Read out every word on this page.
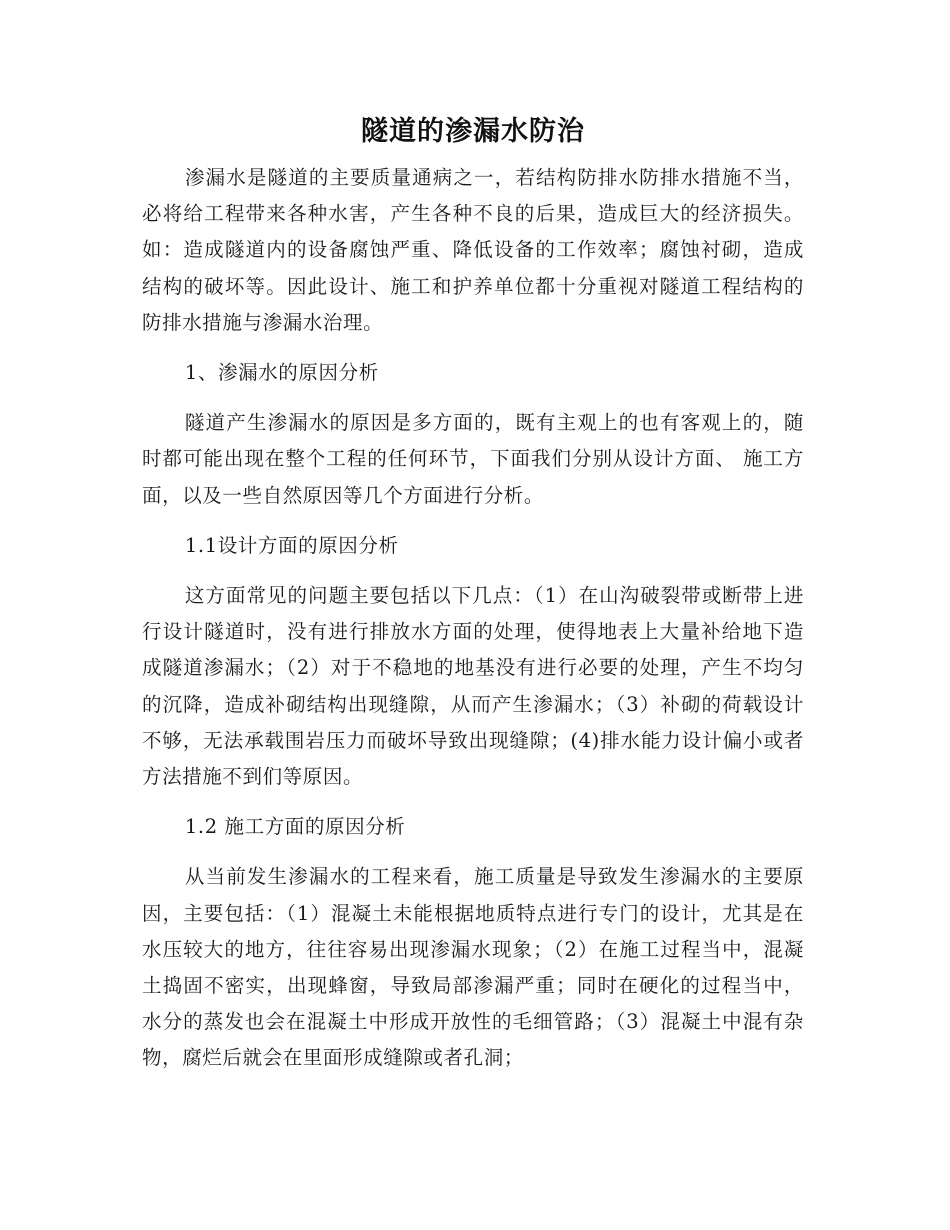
隧道的渗漏水防治

渗漏水是隧道的主要质量通病之一，若结构防排水防排水措施不当，必将给工程带来各种水害，产生各种不良的后果，造成巨大的经济损失。如：造成隧道内的设备腐蚀严重、降低设备的工作效率；腐蚀衬砌，造成结构的破坏等。因此设计、施工和护养单位都十分重视对隧道工程结构的防排水措施与渗漏水治理。

1、渗漏水的原因分析

隧道产生渗漏水的原因是多方面的，既有主观上的也有客观上的，随时都可能出现在整个工程的任何环节，下面我们分别从设计方面、 施工方面，以及一些自然原因等几个方面进行分析。

1.1设计方面的原因分析

这方面常见的问题主要包括以下几点：（1）在山沟破裂带或断带上进行设计隧道时，没有进行排放水方面的处理，使得地表上大量补给地下造成隧道渗漏水；（2）对于不稳地的地基没有进行必要的处理，产生不均匀的沉降，造成补砌结构出现缝隙，从而产生渗漏水；（3）补砌的荷载设计不够，无法承载围岩压力而破坏导致出现缝隙；(4)排水能力设计偏小或者方法措施不到们等原因。

1.2 施工方面的原因分析

从当前发生渗漏水的工程来看，施工质量是导致发生渗漏水的主要原因，主要包括：（1）混凝土未能根据地质特点进行专门的设计，尤其是在水压较大的地方，往往容易出现渗漏水现象；（2）在施工过程当中，混凝土捣固不密实，出现蜂窗，导致局部渗漏严重；同时在硬化的过程当中，水分的蒸发也会在混凝土中形成开放性的毛细管路；（3）混凝土中混有杂物，腐烂后就会在里面形成缝隙或者孔洞；
